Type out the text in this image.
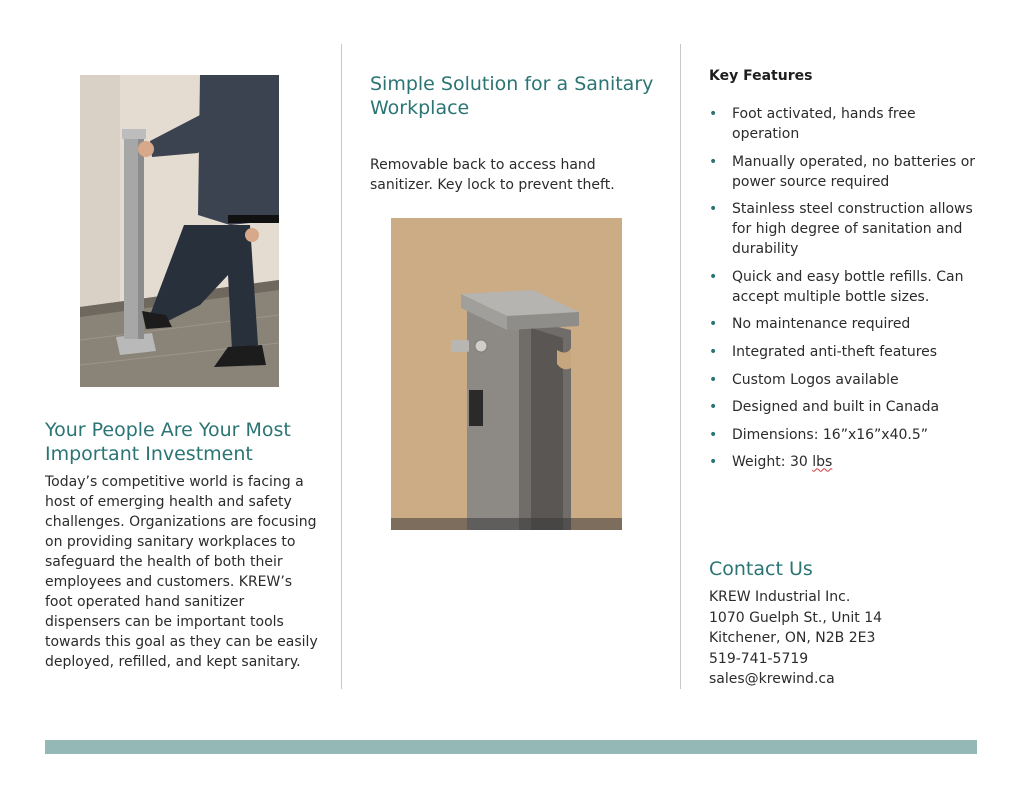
Your People Are Your Most Important Investment
Today’s competitive world is facing a host of emerging health and safety challenges. Organizations are focusing on providing sanitary workplaces to safeguard the health of both their employees and customers. KREW’s foot operated hand sanitizer dispensers can be important tools towards this goal as they can be easily deployed, refilled, and kept sanitary.
Simple Solution for a Sanitary Workplace
Removable back to access hand sanitizer. Key lock to prevent theft.
Key Features
• Foot activated, hands free operation
• Manually operated, no batteries or power source required
• Stainless steel construction allows for high degree of sanitation and durability
• Quick and easy bottle refills. Can accept multiple bottle sizes.
• No maintenance required
• Integrated anti-theft features
• Custom Logos available
• Designed and built in Canada
• Dimensions: 16”x16”x40.5”
• Weight: 30 lbs
Contact Us
KREW Industrial Inc.
1070 Guelph St., Unit 14
Kitchener, ON, N2B 2E3
519-741-5719
sales@krewind.ca
